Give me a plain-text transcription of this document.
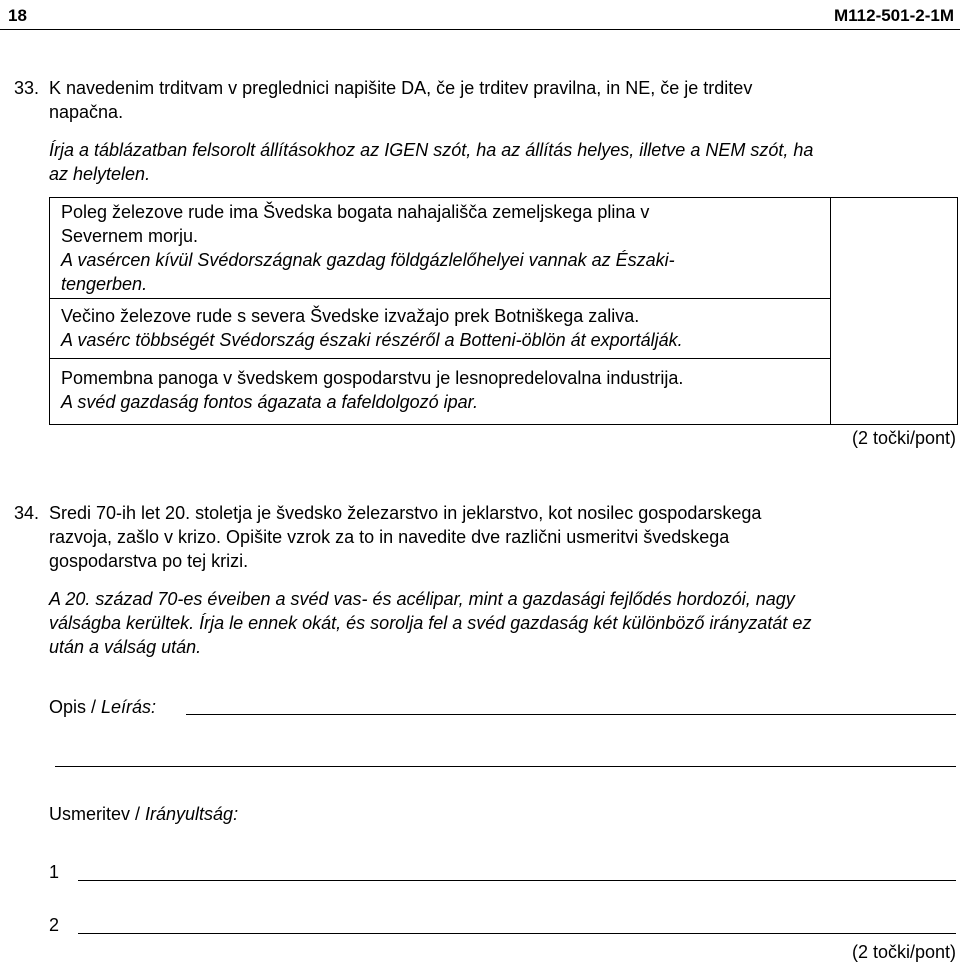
18	M112-501-2-1M
33. K navedenim trditvam v preglednici napišite DA, če je trditev pravilna, in NE, če je trditev
napačna.
Írja a táblázatban felsorolt állításokhoz az IGEN szót, ha az állítás helyes, illetve a NEM szót, ha
az helytelen.
Poleg železove rude ima Švedska bogata nahajališča zemeljskega plina v
Severnem morju.
A vasércen kívül Svédországnak gazdag földgázlelőhelyei vannak az Északi-
tengerben.
Večino železove rude s severa Švedske izvažajo prek Botniškega zaliva.
A vasérc többségét Svédország északi részéről a Botteni-öblön át exportálják.
Pomembna panoga v švedskem gospodarstvu je lesnopredelovalna industrija.
A svéd gazdaság fontos ágazata a fafeldolgozó ipar.
(2 točki/pont)
34. Sredi 70-ih let 20. stoletja je švedsko železarstvo in jeklarstvo, kot nosilec gospodarskega
razvoja, zašlo v krizo. Opišite vzrok za to in navedite dve različni usmeritvi švedskega
gospodarstva po tej krizi.
A 20. század 70-es éveiben a svéd vas- és acélipar, mint a gazdasági fejlődés hordozói, nagy
válságba kerültek. Írja le ennek okát, és sorolja fel a svéd gazdaság két különböző irányzatát ez
után a válság után.
Opis / Leírás:
Usmeritev / Irányultság:
1
2
(2 točki/pont)
